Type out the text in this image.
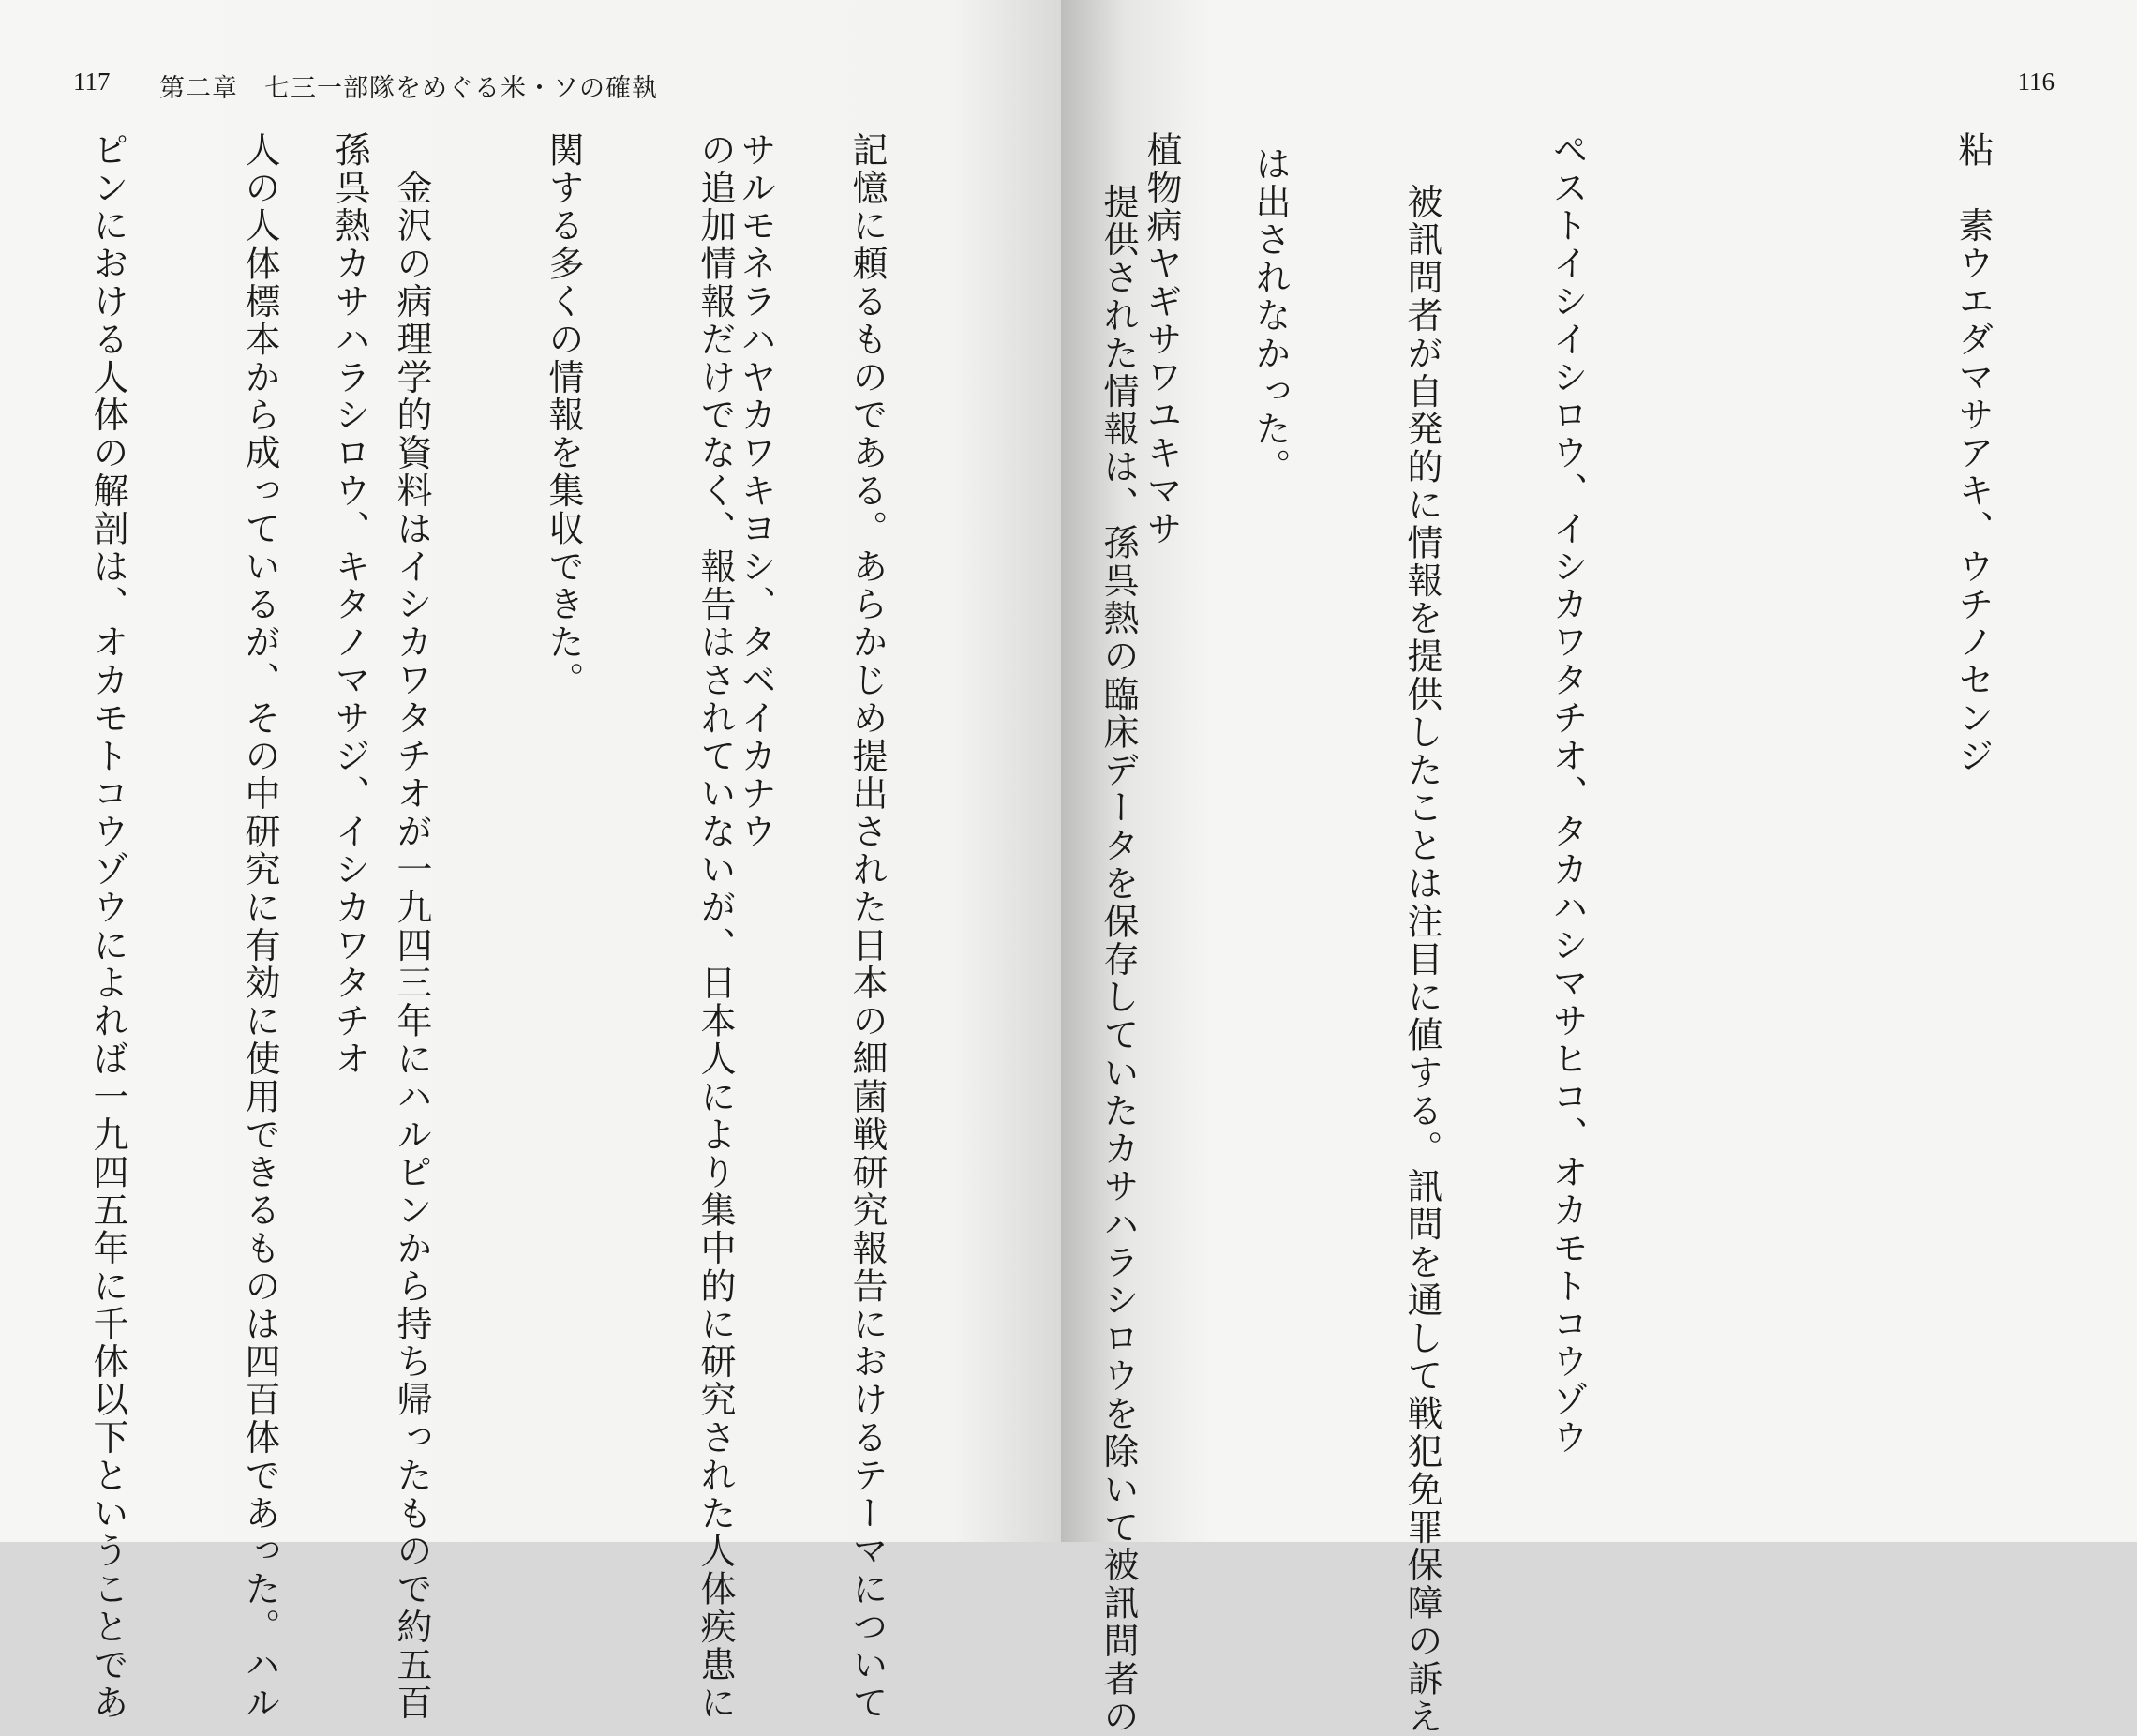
117 第二章　七三一部隊をめぐる米・ソの確執

記憶に頼るものである。あらかじめ提出された日本の細菌戦研究報告におけるテーマについて

の追加情報だけでなく、報告はされていないが、日本人により集中的に研究された人体疾患に

関する多くの情報を集収できた。

　金沢の病理学的資料はイシカワタチオが一九四三年にハルピンから持ち帰ったもので約五百

人の人体標本から成っているが、その中研究に有効に使用できるものは四百体であった。ハル

ピンにおける人体の解剖は、オカモトコウゾウによれば一九四五年に千体以下ということであ

116

粘　素ウエダマサアキ、ウチノセンジ

ペストイシイシロウ、イシカワタチオ、タカハシマサヒコ、オカモトコウゾウ

植物病ヤギサワユキマサ

サルモネラハヤカワキヨシ、タベイカナウ

孫呉熱カサハラシロウ、キタノマサジ、イシカワタチオ

	　被訊問者が自発的に情報を提供したことは注目に値する。訊問を通して戦犯免罪保障の訴え

は出されなかった。

　提供された情報は、孫呉熱の臨床データを保存していたカサハラシロウを除いて被訊問者の
